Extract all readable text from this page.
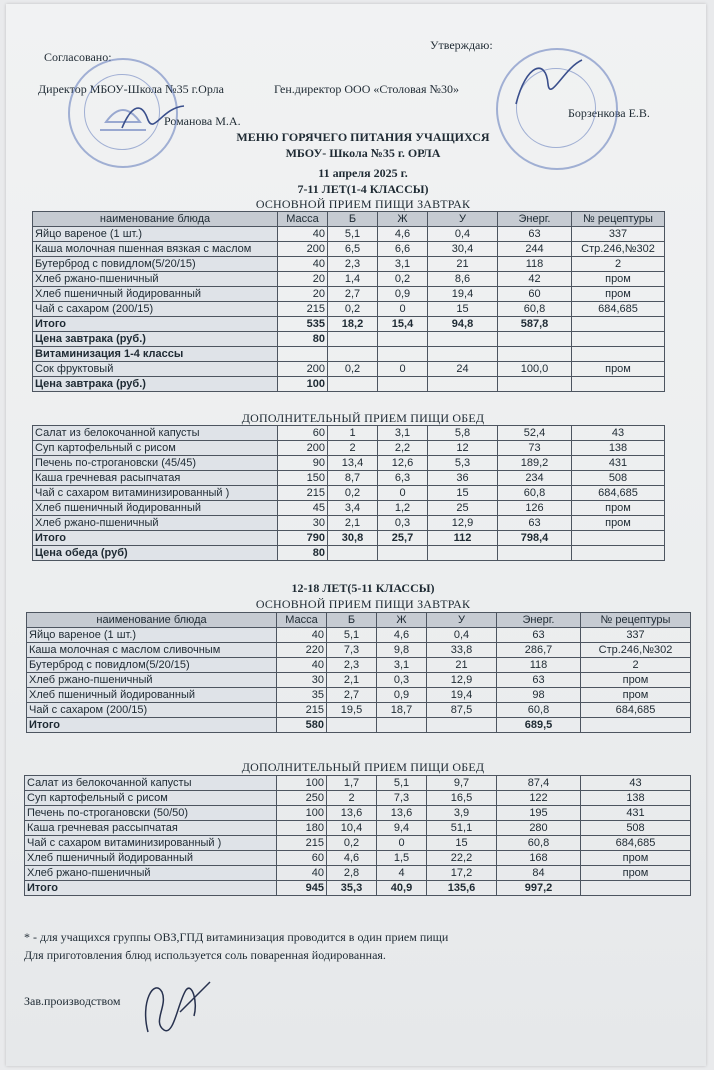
Согласовано:
Утверждаю:
Директор МБОУ-Школа №35 г.Орла	Ген.директор ООО «Столовая №30»
Романова М.А.
Борзенкова Е.В.
МЕНЮ ГОРЯЧЕГО ПИТАНИЯ УЧАЩИХСЯ
МБОУ- Школа №35 г. ОРЛА
11 апреля 2025 г.
7-11 ЛЕТ(1-4 КЛАССЫ)
ОСНОВНОЙ ПРИЕМ ПИЩИ ЗАВТРАК
наименование блюда	Масса	Б	Ж	У	Энерг.	№ рецептуры
Яйцо вареное (1 шт.)	40	5,1	4,6	0,4	63	337
Каша молочная пшенная вязкая с маслом	200	6,5	6,6	30,4	244	Стр.246,№302
Бутерброд с повидлом(5/20/15)	40	2,3	3,1	21	118	2
Хлеб ржано-пшеничный	20	1,4	0,2	8,6	42	пром
Хлеб пшеничный йодированный	20	2,7	0,9	19,4	60	пром
Чай с сахаром (200/15)	215	0,2	0	15	60,8	684,685
Итого	535	18,2	15,4	94,8	587,8	
Цена завтрака (руб.)	80					
Витаминизация 1-4 классы						
Сок фруктовый	200	0,2	0	24	100,0	пром
Цена завтрака (руб.)	100					
ДОПОЛНИТЕЛЬНЫЙ ПРИЕМ ПИЩИ ОБЕД
Салат из белокочанной капусты	60	1	3,1	5,8	52,4	43
Суп картофельный с рисом	200	2	2,2	12	73	138
Печень по-строгановски (45/45)	90	13,4	12,6	5,3	189,2	431
Каша гречневая расыпчатая	150	8,7	6,3	36	234	508
Чай с сахаром витаминизированный )	215	0,2	0	15	60,8	684,685
Хлеб пшеничный йодированный	45	3,4	1,2	25	126	пром
Хлеб ржано-пшеничный	30	2,1	0,3	12,9	63	пром
Итого	790	30,8	25,7	112	798,4	
Цена обеда (руб)	80					
12-18 ЛЕТ(5-11 КЛАССЫ)
ОСНОВНОЙ ПРИЕМ ПИЩИ ЗАВТРАК
наименование блюда	Масса	Б	Ж	У	Энерг.	№ рецептуры
Яйцо вареное (1 шт.)	40	5,1	4,6	0,4	63	337
Каша молочная с маслом сливочным	220	7,3	9,8	33,8	286,7	Стр.246,№302
Бутерброд с повидлом(5/20/15)	40	2,3	3,1	21	118	2
Хлеб ржано-пшеничный	30	2,1	0,3	12,9	63	пром
Хлеб пшеничный йодированный	35	2,7	0,9	19,4	98	пром
Чай с сахаром (200/15)	215	19,5	18,7	87,5	60,8	684,685
Итого	580				689,5	
ДОПОЛНИТЕЛЬНЫЙ ПРИЕМ ПИЩИ ОБЕД
Салат из белокочанной капусты	100	1,7	5,1	9,7	87,4	43
Суп картофельный с рисом	250	2	7,3	16,5	122	138
Печень по-строгановски (50/50)	100	13,6	13,6	3,9	195	431
Каша гречневая рассыпчатая	180	10,4	9,4	51,1	280	508
Чай с сахаром витаминизированный )	215	0,2	0	15	60,8	684,685
Хлеб пшеничный йодированный	60	4,6	1,5	22,2	168	пром
Хлеб ржано-пшеничный	40	2,8	4	17,2	84	пром
Итого	945	35,3	40,9	135,6	997,2	
* - для учащихся группы ОВЗ,ГПД витаминизация проводится в один прием пищи
Для приготовления блюд используется соль поваренная йодированная.
Зав.производством
